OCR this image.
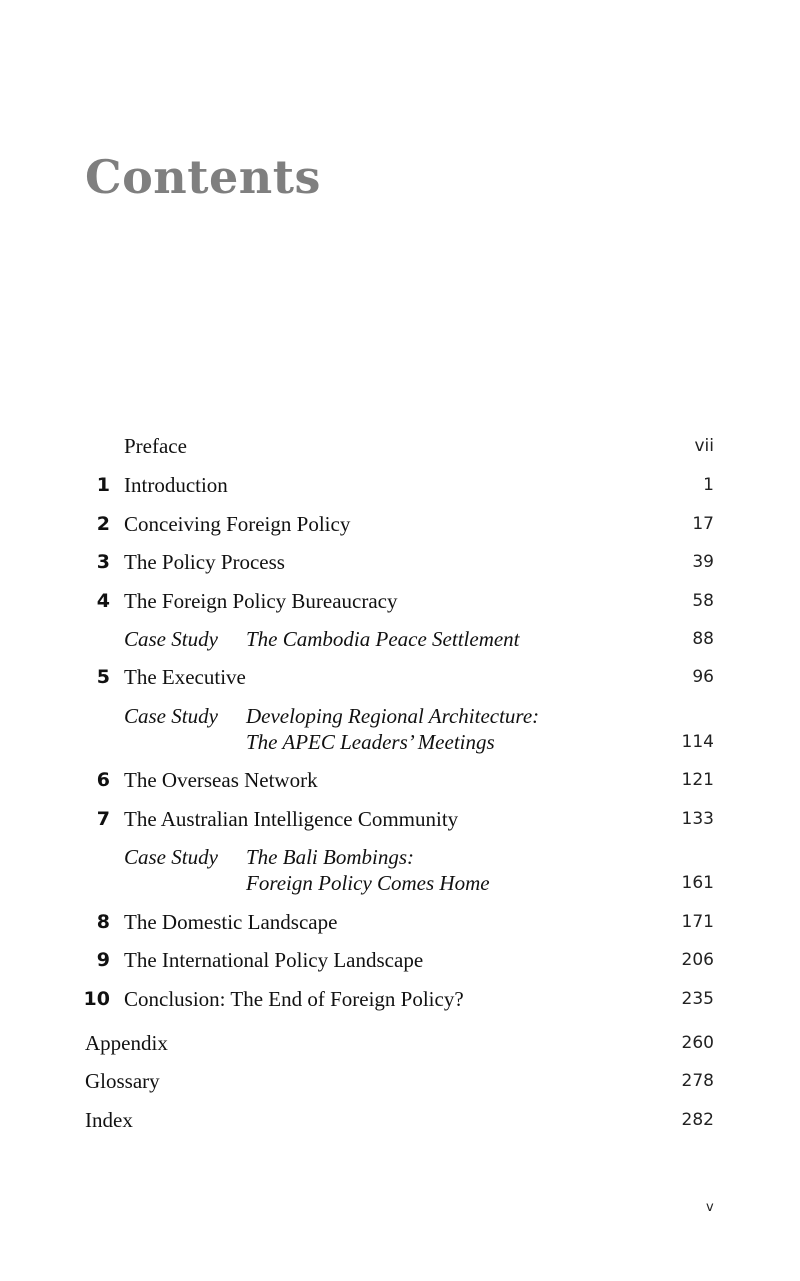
Contents
Preface	vii
1 Introduction	1
2 Conceiving Foreign Policy	17
3 The Policy Process	39
4 The Foreign Policy Bureaucracy	58
Case Study The Cambodia Peace Settlement	88
5 The Executive	96
Case Study Developing Regional Architecture:
The APEC Leaders’ Meetings	114
6 The Overseas Network	121
7 The Australian Intelligence Community	133
Case Study The Bali Bombings:
Foreign Policy Comes Home	161
8 The Domestic Landscape	171
9 The International Policy Landscape	206
10 Conclusion: The End of Foreign Policy?	235
Appendix	260
Glossary	278
Index	282
v
